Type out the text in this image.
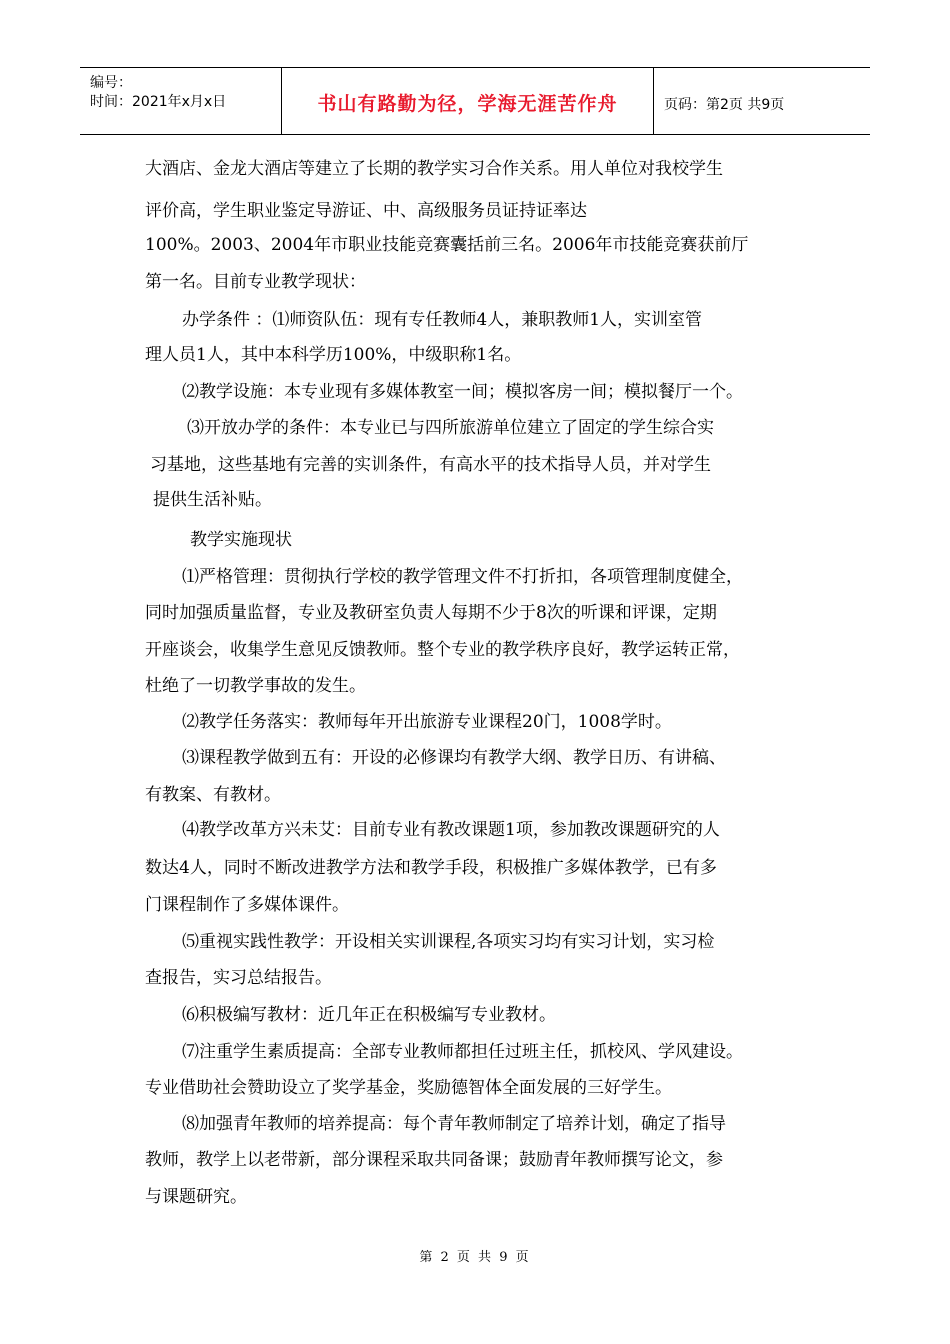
编号：
时间：2021年x月x日	书山有路勤为径，学海无涯苦作舟	页码：第2页 共9页
大酒店、金龙大酒店等建立了长期的教学实习合作关系。用人单位对我校学生
评价高，学生职业鉴定导游证、中、高级服务员证持证率达
100%。2003、2004年市职业技能竞赛囊括前三名。2006年市技能竞赛获前厅
第一名。目前专业教学现状：
办学条件 ：⑴师资队伍：现有专任教师4人，兼职教师1人，实训室管
理人员1人，其中本科学历100%，中级职称1名。
⑵教学设施：本专业现有多媒体教室一间；模拟客房一间；模拟餐厅一个。
⑶开放办学的条件：本专业已与四所旅游单位建立了固定的学生综合实
习基地，这些基地有完善的实训条件，有高水平的技术指导人员，并对学生
提供生活补贴。
教学实施现状
⑴严格管理：贯彻执行学校的教学管理文件不打折扣，各项管理制度健全，
同时加强质量监督，专业及教研室负责人每期不少于8次的听课和评课，定期
开座谈会，收集学生意见反馈教师。整个专业的教学秩序良好，教学运转正常，
杜绝了一切教学事故的发生。
⑵教学任务落实：教师每年开出旅游专业课程20门，1008学时。
⑶课程教学做到五有：开设的必修课均有教学大纲、教学日历、有讲稿、
有教案、有教材。
⑷教学改革方兴未艾：目前专业有教改课题1项，参加教改课题研究的人
数达4人，同时不断改进教学方法和教学手段，积极推广多媒体教学，已有多
门课程制作了多媒体课件。
⑸重视实践性教学：开设相关实训课程,各项实习均有实习计划，实习检
查报告，实习总结报告。
⑹积极编写教材：近几年正在积极编写专业教材。
⑺注重学生素质提高：全部专业教师都担任过班主任，抓校风、学风建设。
专业借助社会赞助设立了奖学基金，奖励德智体全面发展的三好学生。
⑻加强青年教师的培养提高：每个青年教师制定了培养计划，确定了指导
教师，教学上以老带新，部分课程采取共同备课；鼓励青年教师撰写论文，参
与课题研究。
第 2 页 共 9 页
